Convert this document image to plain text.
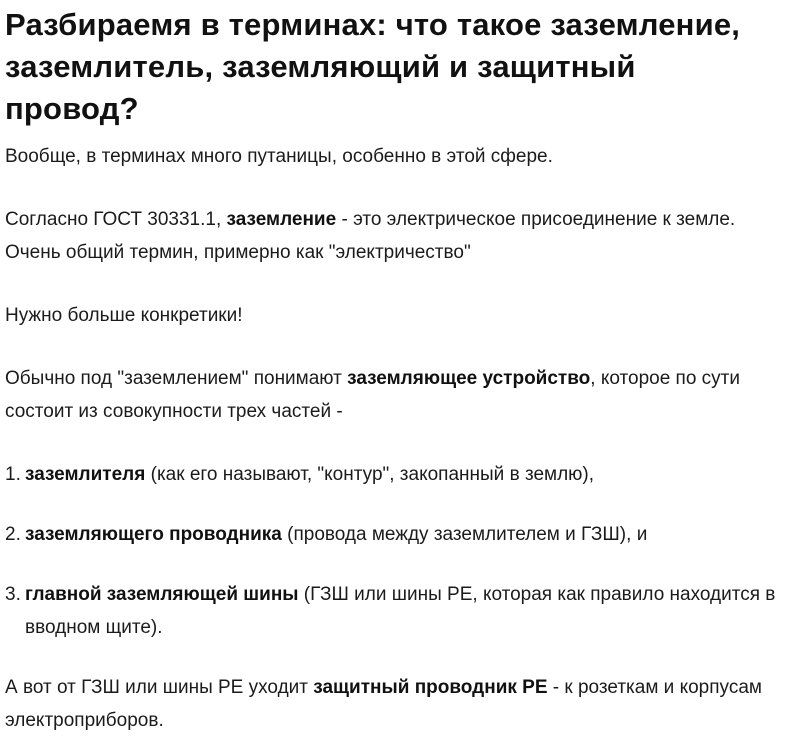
Разбираемя в терминах: что такое заземление, заземлитель, заземляющий и защитный провод?

Вообще, в терминах много путаницы, особенно в этой сфере.

Согласно ГОСТ 30331.1, заземление - это электрическое присоединение к земле. Очень общий термин, примерно как "электричество"

Нужно больше конкретики!

Обычно под "заземлением" понимают заземляющее устройство, которое по сути состоит из совокупности трех частей -

1. заземлителя (как его называют, "контур", закопанный в землю),
2. заземляющего проводника (провода между заземлителем и ГЗШ), и
3. главной заземляющей шины (ГЗШ или шины PE, которая как правило находится в вводном щите).

А вот от ГЗШ или шины PE уходит защитный проводник PE - к розеткам и корпусам электроприборов.
